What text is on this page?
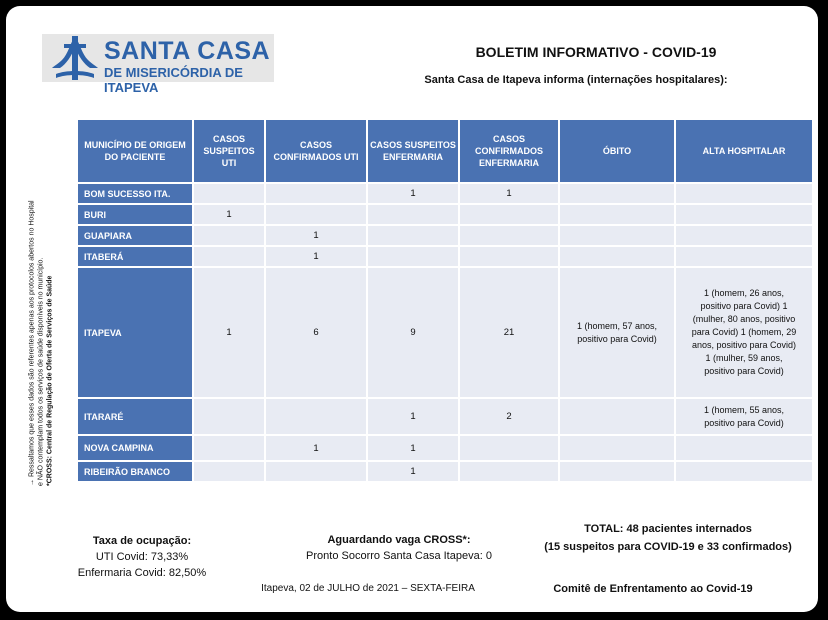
SANTA CASA
DE MISERICÓRDIA DE ITAPEVA
BOLETIM INFORMATIVO - COVID-19
Santa Casa de Itapeva informa (internações hospitalares):
→ Ressaltamos que esses dados são referentes apenas aos protocolos abertos no Hospital e NÃO contemplam todos os serviços de saúde disponíveis no município. *CROSS: Central de Regulação de Oferta de Serviços de Saúde
MUNICÍPIO DE ORIGEM DO PACIENTE	CASOS SUSPEITOS UTI	CASOS CONFIRMADOS UTI	CASOS SUSPEITOS ENFERMARIA	CASOS CONFIRMADOS ENFERMARIA	ÓBITO	ALTA HOSPITALAR
BOM SUCESSO ITA.			1	1		
BURI	1					
GUAPIARA		1				
ITABERÁ		1				
ITAPEVA	1	6	9	21	1 (homem, 57 anos, positivo para Covid)	1 (homem, 26 anos, positivo para Covid) 1 (mulher, 80 anos, positivo para Covid) 1 (homem, 29 anos, positivo para Covid) 1 (mulher, 59 anos, positivo para Covid)
ITARARÉ			1	2		1 (homem, 55 anos, positivo para Covid)
NOVA CAMPINA		1	1			
RIBEIRÃO BRANCO			1			
Taxa de ocupação:
UTI Covid: 73,33%
Enfermaria Covid: 82,50%
Aguardando vaga CROSS*:
Pronto Socorro Santa Casa Itapeva: 0
TOTAL: 48 pacientes internados
(15 suspeitos para COVID-19 e 33 confirmados)
Itapeva, 02 de JULHO de 2021 – SEXTA-FEIRA	Comitê de Enfrentamento ao Covid-19
